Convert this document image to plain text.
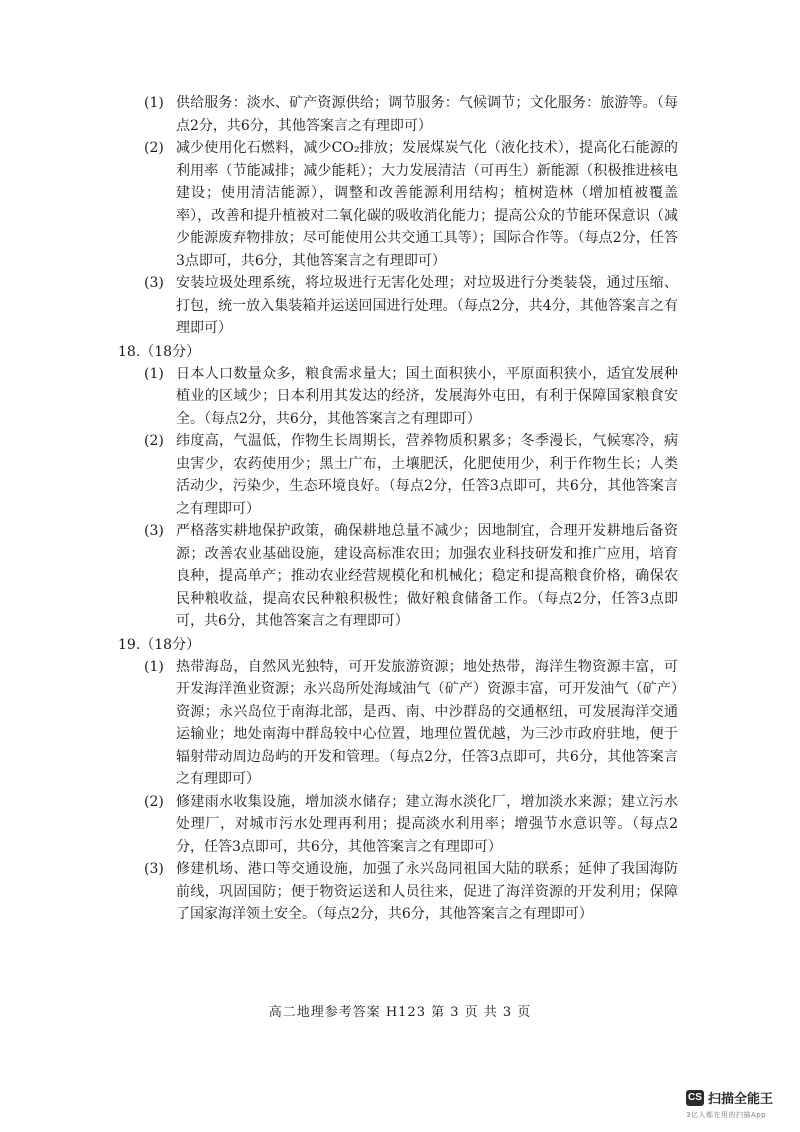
(1) 供给服务：淡水、矿产资源供给；调节服务：气候调节；文化服务：旅游等。（每点2分，共6分，其他答案言之有理即可）
(2) 减少使用化石燃料，减少CO₂排放；发展煤炭气化（液化技术），提高化石能源的利用率（节能减排；减少能耗）；大力发展清洁（可再生）新能源（积极推进核电建设；使用清洁能源），调整和改善能源利用结构；植树造林（增加植被覆盖率），改善和提升植被对二氧化碳的吸收消化能力；提高公众的节能环保意识（减少能源废弃物排放；尽可能使用公共交通工具等）；国际合作等。（每点2分，任答3点即可，共6分，其他答案言之有理即可）
(3) 安装垃圾处理系统，将垃圾进行无害化处理；对垃圾进行分类装袋，通过压缩、打包，统一放入集装箱并运送回国进行处理。（每点2分，共4分，其他答案言之有理即可）
18.（18分）
(1) 日本人口数量众多，粮食需求量大；国土面积狭小，平原面积狭小，适宜发展种植业的区域少；日本利用其发达的经济，发展海外屯田，有利于保障国家粮食安全。（每点2分，共6分，其他答案言之有理即可）
(2) 纬度高，气温低，作物生长周期长，营养物质积累多；冬季漫长，气候寒冷，病虫害少，农药使用少；黑土广布，土壤肥沃，化肥使用少，利于作物生长；人类活动少，污染少，生态环境良好。（每点2分，任答3点即可，共6分，其他答案言之有理即可）
(3) 严格落实耕地保护政策，确保耕地总量不减少；因地制宜，合理开发耕地后备资源；改善农业基础设施，建设高标准农田；加强农业科技研发和推广应用，培育良种，提高单产；推动农业经营规模化和机械化；稳定和提高粮食价格，确保农民种粮收益，提高农民种粮积极性；做好粮食储备工作。（每点2分，任答3点即可，共6分，其他答案言之有理即可）
19.（18分）
(1) 热带海岛，自然风光独特，可开发旅游资源；地处热带，海洋生物资源丰富，可开发海洋渔业资源；永兴岛所处海域油气（矿产）资源丰富，可开发油气（矿产）资源；永兴岛位于南海北部，是西、南、中沙群岛的交通枢纽，可发展海洋交通运输业；地处南海中群岛较中心位置，地理位置优越，为三沙市政府驻地，便于辐射带动周边岛屿的开发和管理。（每点2分，任答3点即可，共6分，其他答案言之有理即可）
(2) 修建雨水收集设施，增加淡水储存；建立海水淡化厂，增加淡水来源；建立污水处理厂，对城市污水处理再利用；提高淡水利用率；增强节水意识等。（每点2分，任答3点即可，共6分，其他答案言之有理即可）
(3) 修建机场、港口等交通设施，加强了永兴岛同祖国大陆的联系；延伸了我国海防前线，巩固国防；便于物资运送和人员往来，促进了海洋资源的开发利用；保障了国家海洋领土安全。（每点2分，共6分，其他答案言之有理即可）
高二地理参考答案 H123 第 3 页 共 3 页
CS 扫描全能王
3亿人都在用的扫描App
